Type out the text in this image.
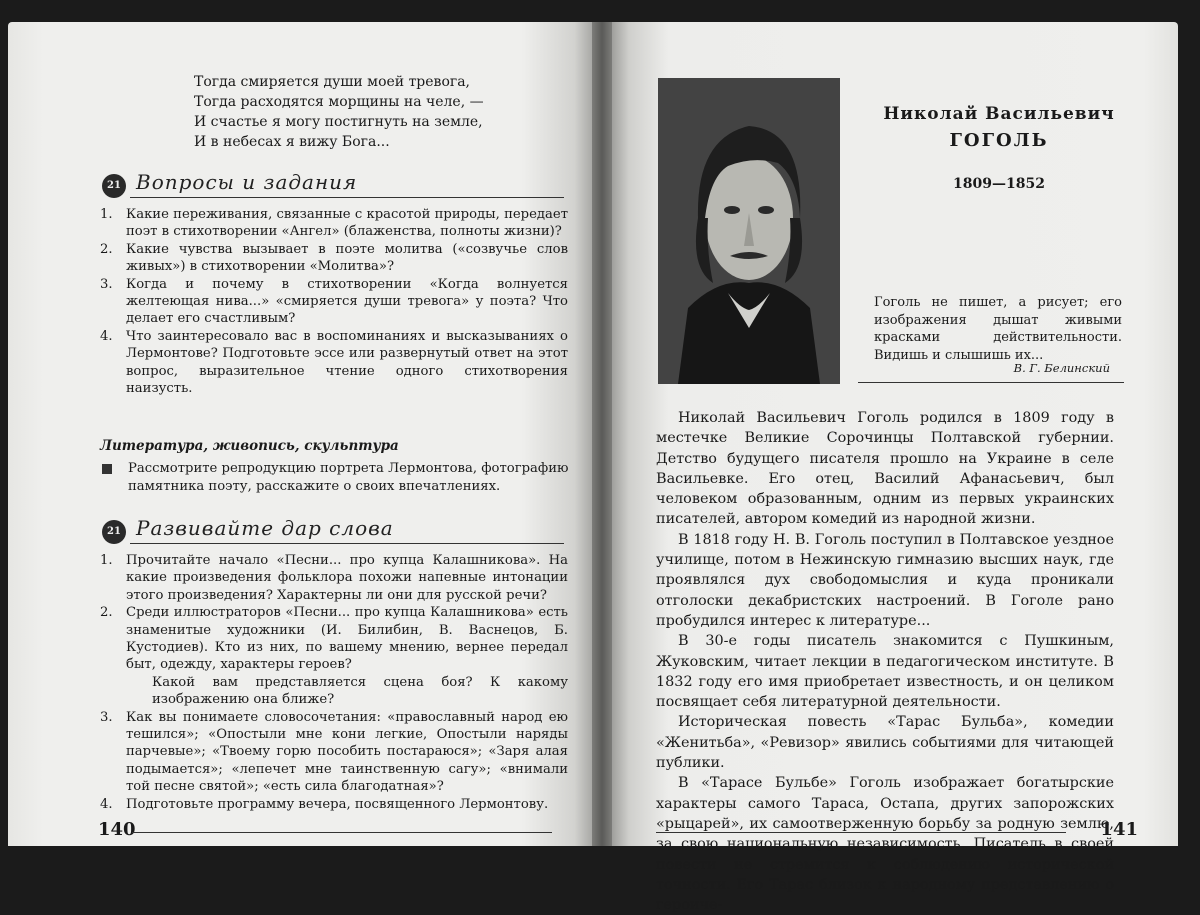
Тогда смиряется души моей тревога,
Тогда расходятся морщины на челе, —
И счастье я могу постигнуть на земле,
И в небесах я вижу Бога...
21 Вопросы и задания
1. Какие переживания, связанные с красотой природы, передает поэт в стихотворении «Ангел» (блаженства, полноты жизни)?
2. Какие чувства вызывает в поэте молитва («созвучье слов живых») в стихотворении «Молитва»?
3. Когда и почему в стихотворении «Когда волнуется желтеющая нива...» «смиряется души тревога» у поэта? Что делает его счастливым?
4. Что заинтересовало вас в воспоминаниях и высказываниях о Лермонтове? Подготовьте эссе или развернутый ответ на этот вопрос, выразительное чтение одного стихотворения наизусть.
Литература, живопись, скульптура
Рассмотрите репродукцию портрета Лермонтова, фотографию памятника поэту, расскажите о своих впечатлениях.
21 Развивайте дар слова
1. Прочитайте начало «Песни... про купца Калашникова». На какие произведения фольклора похожи напевные интонации этого произведения? Характерны ли они для русской речи?
2. Среди иллюстраторов «Песни... про купца Калашникова» есть знаменитые художники (И. Билибин, В. Васнецов, Б. Кустодиев). Кто из них, по вашему мнению, вернее передал быт, одежду, характеры героев?
Какой вам представляется сцена боя? К какому изображению она ближе?
3. Как вы понимаете словосочетания: «православный народ ею тешился»; «Опостыли мне кони легкие, Опостыли наряды парчевые»; «Твоему горю пособить постараюся»; «Заря алая подымается»; «лепечет мне таинственную сагу»; «внимали той песне святой»; «есть сила благодатная»?
4. Подготовьте программу вечера, посвященного Лермонтову.
140
Николай Васильевич
ГОГОЛЬ
1809—1852
Гоголь не пишет, а рисует; его изображения дышат живыми красками действительности. Видишь и слышишь их...
В. Г. Белинский

Николай Васильевич Гоголь родился в 1809 году в местечке Великие Сорочинцы Полтавской губернии. Детство будущего писателя прошло на Украине в селе Васильевке. Его отец, Василий Афанасьевич, был человеком образованным, одним из первых украинских писателей, автором комедий из народной жизни.

В 1818 году Н. В. Гоголь поступил в Полтавское уездное училище, потом в Нежинскую гимназию высших наук, где проявлялся дух свободомыслия и куда проникали отголоски декабристских настроений. В Гоголе рано пробудился интерес к литературе...

В 30-е годы писатель знакомится с Пушкиным, Жуковским, читает лекции в педагогическом институте. В 1832 году его имя приобретает известность, и он целиком посвящает себя литературной деятельности.

Историческая повесть «Тарас Бульба», комедии «Женитьба», «Ревизор» явились событиями для читающей публики.

В «Тарасе Бульбе» Гоголь изображает богатырские характеры самого Тараса, Остапа, других запорожских «рыцарей», их самоотверженную борьбу за родную землю, за свою национальную независимость. Писатель в своей повести не стремится к соблюдению исторической точности. Его Тарас близок к народному представлению о героиче-

141
